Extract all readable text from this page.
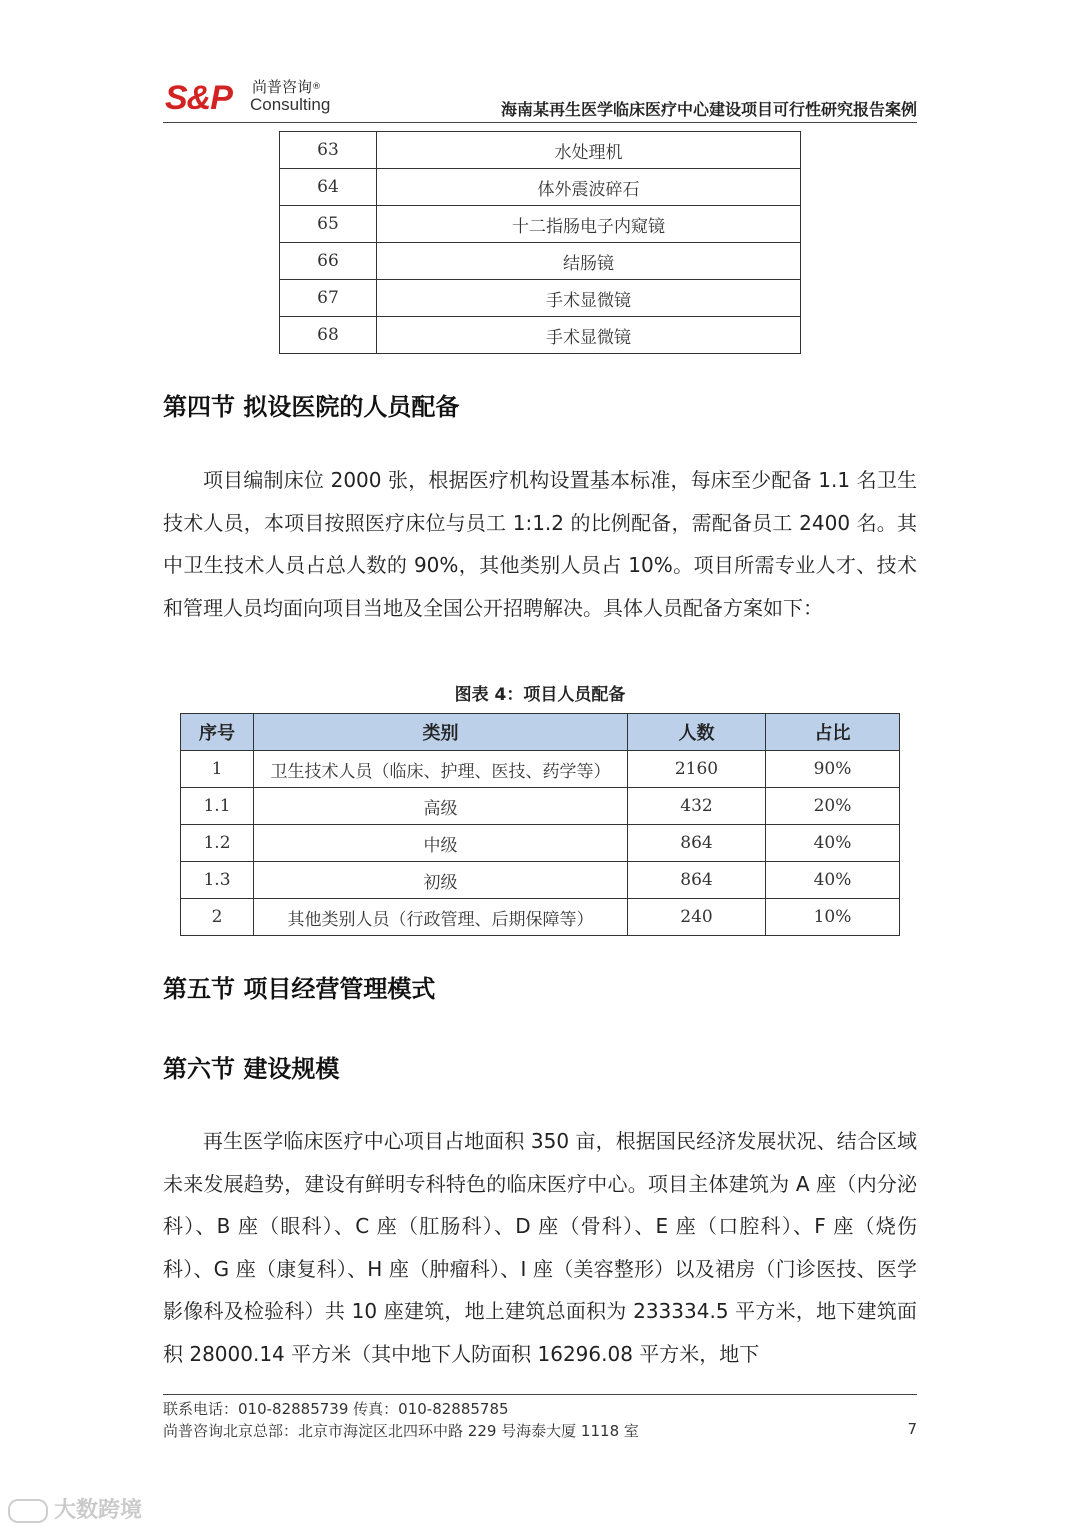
S&P 尚普咨询®
Consulting	海南某再生医学临床医疗中心建设项目可行性研究报告案例
63	水处理机
64	体外震波碎石
65	十二指肠电子内窥镜
66	结肠镜
67	手术显微镜
68	手术显微镜
第四节 拟设医院的人员配备
项目编制床位 2000 张，根据医疗机构设置基本标准，每床至少配备 1.1 名卫生技术人员，本项目按照医疗床位与员工 1:1.2 的比例配备，需配备员工 2400 名。其中卫生技术人员占总人数的 90%，其他类别人员占 10%。项目所需专业人才、技术和管理人员均面向项目当地及全国公开招聘解决。具体人员配备方案如下：
图表 4：项目人员配备
序号	类别	人数	占比
1	卫生技术人员（临床、护理、医技、药学等）	2160	90%
1.1	高级	432	20%
1.2	中级	864	40%
1.3	初级	864	40%
2	其他类别人员（行政管理、后期保障等）	240	10%
第五节 项目经营管理模式
第六节 建设规模
再生医学临床医疗中心项目占地面积 350 亩，根据国民经济发展状况、结合区域未来发展趋势，建设有鲜明专科特色的临床医疗中心。项目主体建筑为 A 座（内分泌科）、B 座（眼科）、C 座（肛肠科）、D 座（骨科）、E 座（口腔科）、F 座（烧伤科）、G 座（康复科）、H 座（肿瘤科）、I 座（美容整形）以及裙房（门诊医技、医学影像科及检验科）共 10 座建筑，地上建筑总面积为 233334.5 平方米，地下建筑面积 28000.14 平方米（其中地下人防面积 16296.08 平方米，地下
联系电话：010-82885739 传真：010-82885785
尚普咨询北京总部：北京市海淀区北四环中路 229 号海泰大厦 1118 室	7
大数跨境
